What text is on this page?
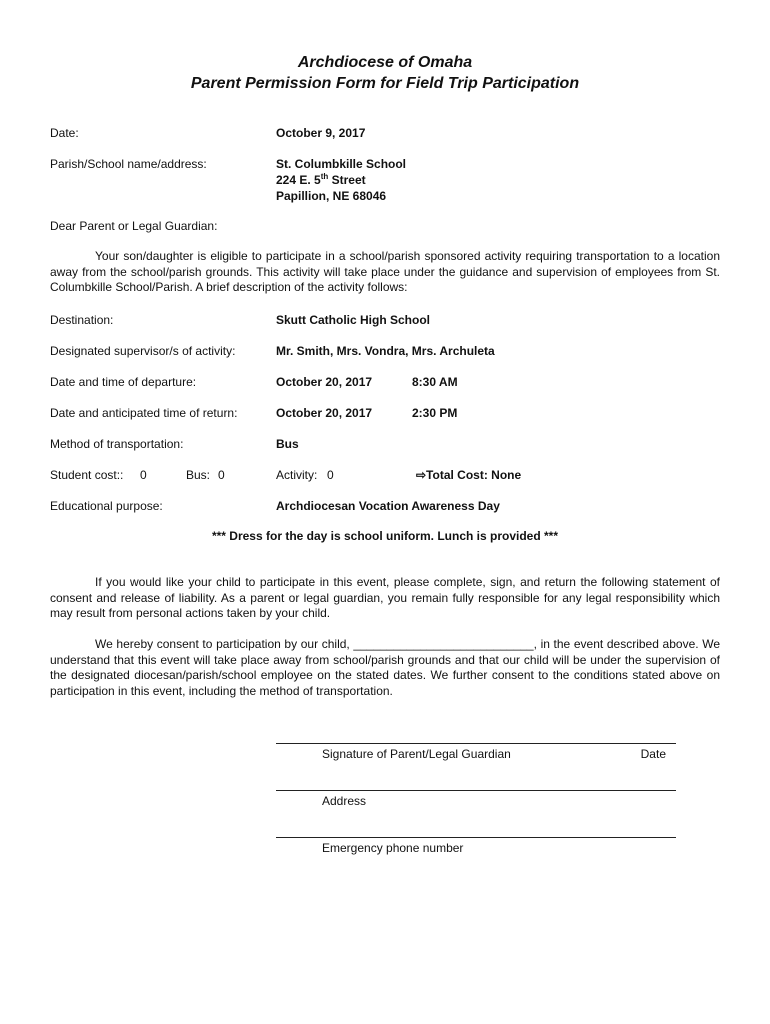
Archdiocese of Omaha
Parent Permission Form for Field Trip Participation
Date:	October 9, 2017
Parish/School name/address:	St. Columbkille School
224 E. 5th Street
Papillion, NE 68046
Dear Parent or Legal Guardian:
Your son/daughter is eligible to participate in a school/parish sponsored activity requiring transportation to a location away from the school/parish grounds. This activity will take place under the guidance and supervision of employees from St. Columbkille School/Parish. A brief description of the activity follows:
Destination:	Skutt Catholic High School
Designated supervisor/s of activity:	Mr. Smith, Mrs. Vondra, Mrs. Archuleta
Date and time of departure:	October 20, 2017	8:30 AM
Date and anticipated time of return:	October 20, 2017	2:30 PM
Method of transportation:	Bus
Student cost:: 0	Bus: 0	Activity: 0	⇨Total Cost: None
Educational purpose:	Archdiocesan Vocation Awareness Day
*** Dress for the day is school uniform. Lunch is provided ***
If you would like your child to participate in this event, please complete, sign, and return the following statement of consent and release of liability. As a parent or legal guardian, you remain fully responsible for any legal responsibility which may result from personal actions taken by your child.
We hereby consent to participation by our child, ___________________________, in the event described above. We understand that this event will take place away from school/parish grounds and that our child will be under the supervision of the designated diocesan/parish/school employee on the stated dates. We further consent to the conditions stated above on participation in this event, including the method of transportation.
Signature of Parent/Legal Guardian	Date
Address
Emergency phone number
